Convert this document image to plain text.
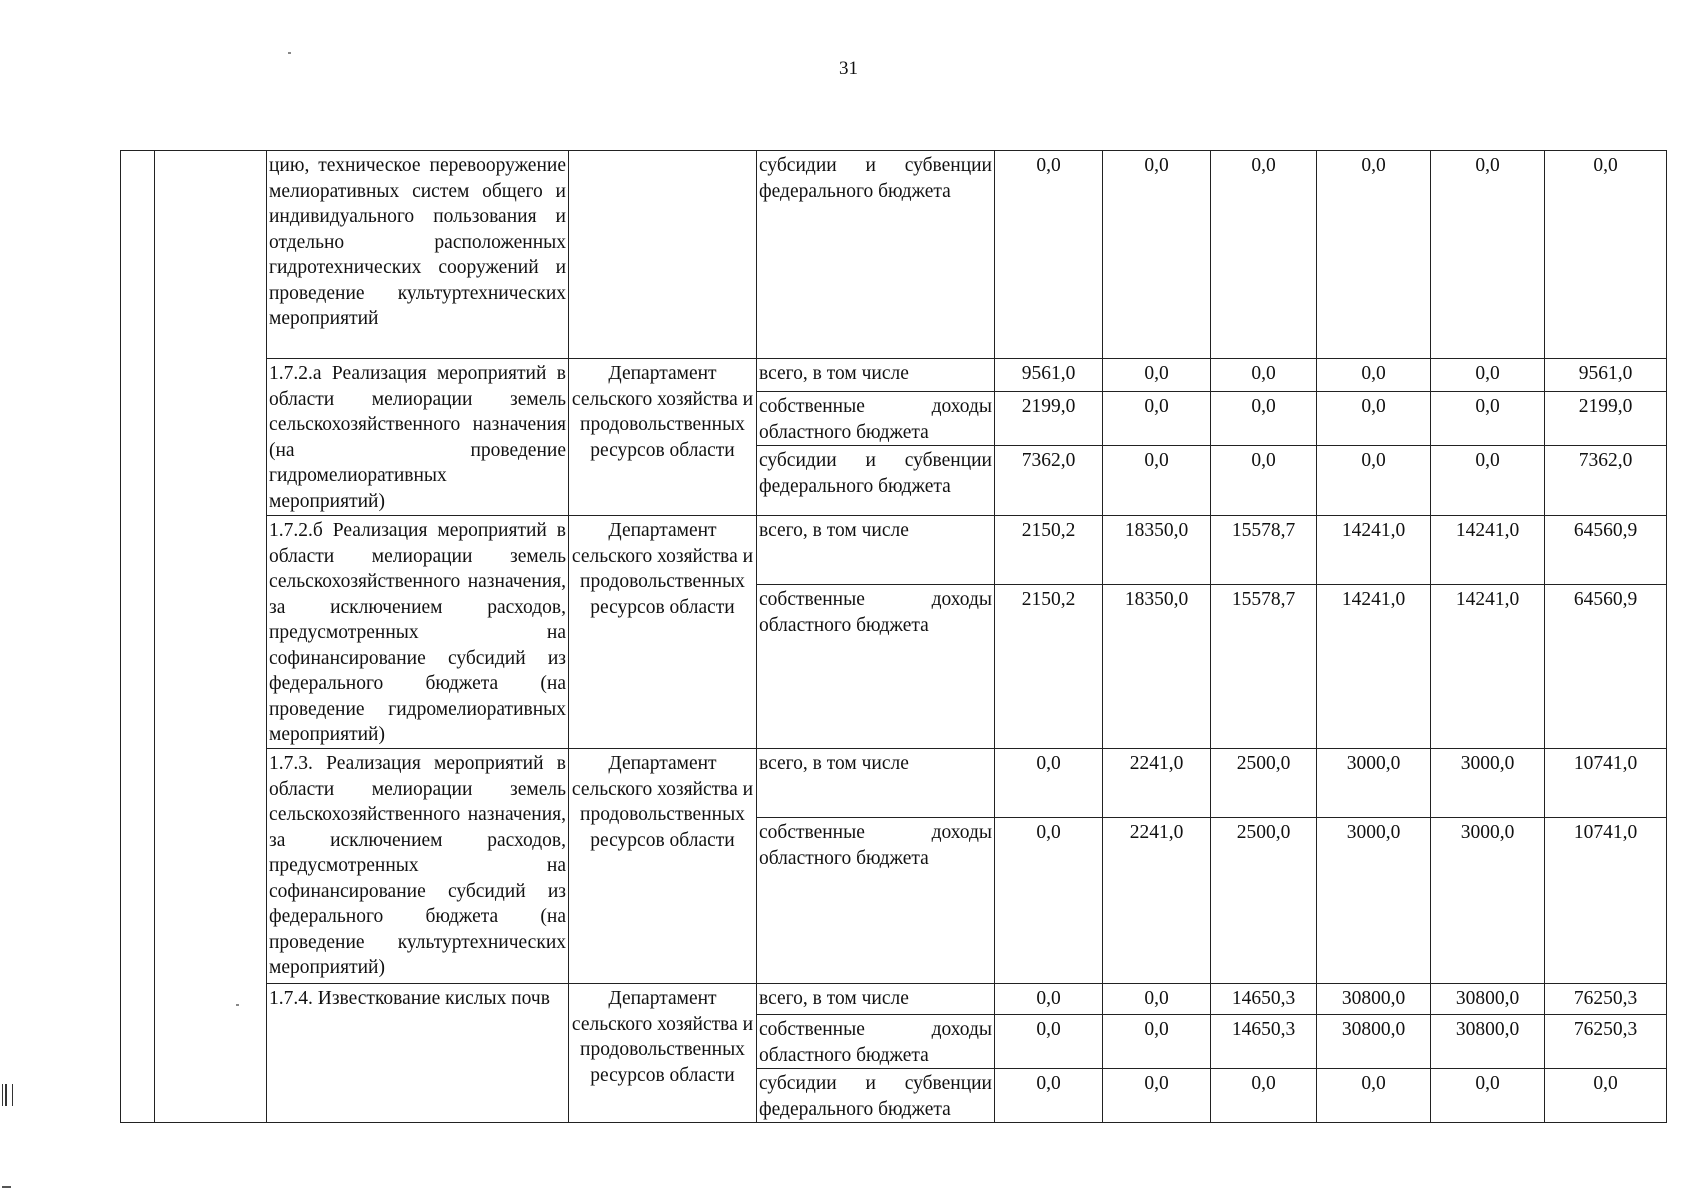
31
		цию, техническое перевооружение мелиоративных систем общего и индивидуального пользования и отдельно расположенных гидротехнических сооружений и проведение культуртехнических мероприятий		субсидии и субвенции федерального бюджета	0,0	0,0	0,0	0,0	0,0	0,0
		1.7.2.а Реализация мероприятий в области мелиорации земель сельскохозяйственного назначения (на проведение гидромелиоративных мероприятий)	Департамент сельского хозяйства и продовольственных ресурсов области	всего, в том числе	9561,0	0,0	0,0	0,0	0,0	9561,0
				собственные доходы областного бюджета	2199,0	0,0	0,0	0,0	0,0	2199,0
				субсидии и субвенции федерального бюджета	7362,0	0,0	0,0	0,0	0,0	7362,0
		1.7.2.б Реализация мероприятий в области мелиорации земель сельскохозяйственного назначения, за исключением расходов, предусмотренных на софинансирование субсидий из федерального бюджета (на проведение гидромелиоративных мероприятий)	Департамент сельского хозяйства и продовольственных ресурсов области	всего, в том числе	2150,2	18350,0	15578,7	14241,0	14241,0	64560,9
				собственные доходы областного бюджета	2150,2	18350,0	15578,7	14241,0	14241,0	64560,9
		1.7.3. Реализация мероприятий в области мелиорации земель сельскохозяйственного назначения, за исключением расходов, предусмотренных на софинансирование субсидий из федерального бюджета (на проведение культуртехнических мероприятий)	Департамент сельского хозяйства и продовольственных ресурсов области	всего, в том числе	0,0	2241,0	2500,0	3000,0	3000,0	10741,0
				собственные доходы областного бюджета	0,0	2241,0	2500,0	3000,0	3000,0	10741,0
		1.7.4. Известкование кислых почв	Департамент сельского хозяйства и продовольственных ресурсов области	всего, в том числе	0,0	0,0	14650,3	30800,0	30800,0	76250,3
				собственные доходы областного бюджета	0,0	0,0	14650,3	30800,0	30800,0	76250,3
				субсидии и субвенции федерального бюджета	0,0	0,0	0,0	0,0	0,0	0,0
